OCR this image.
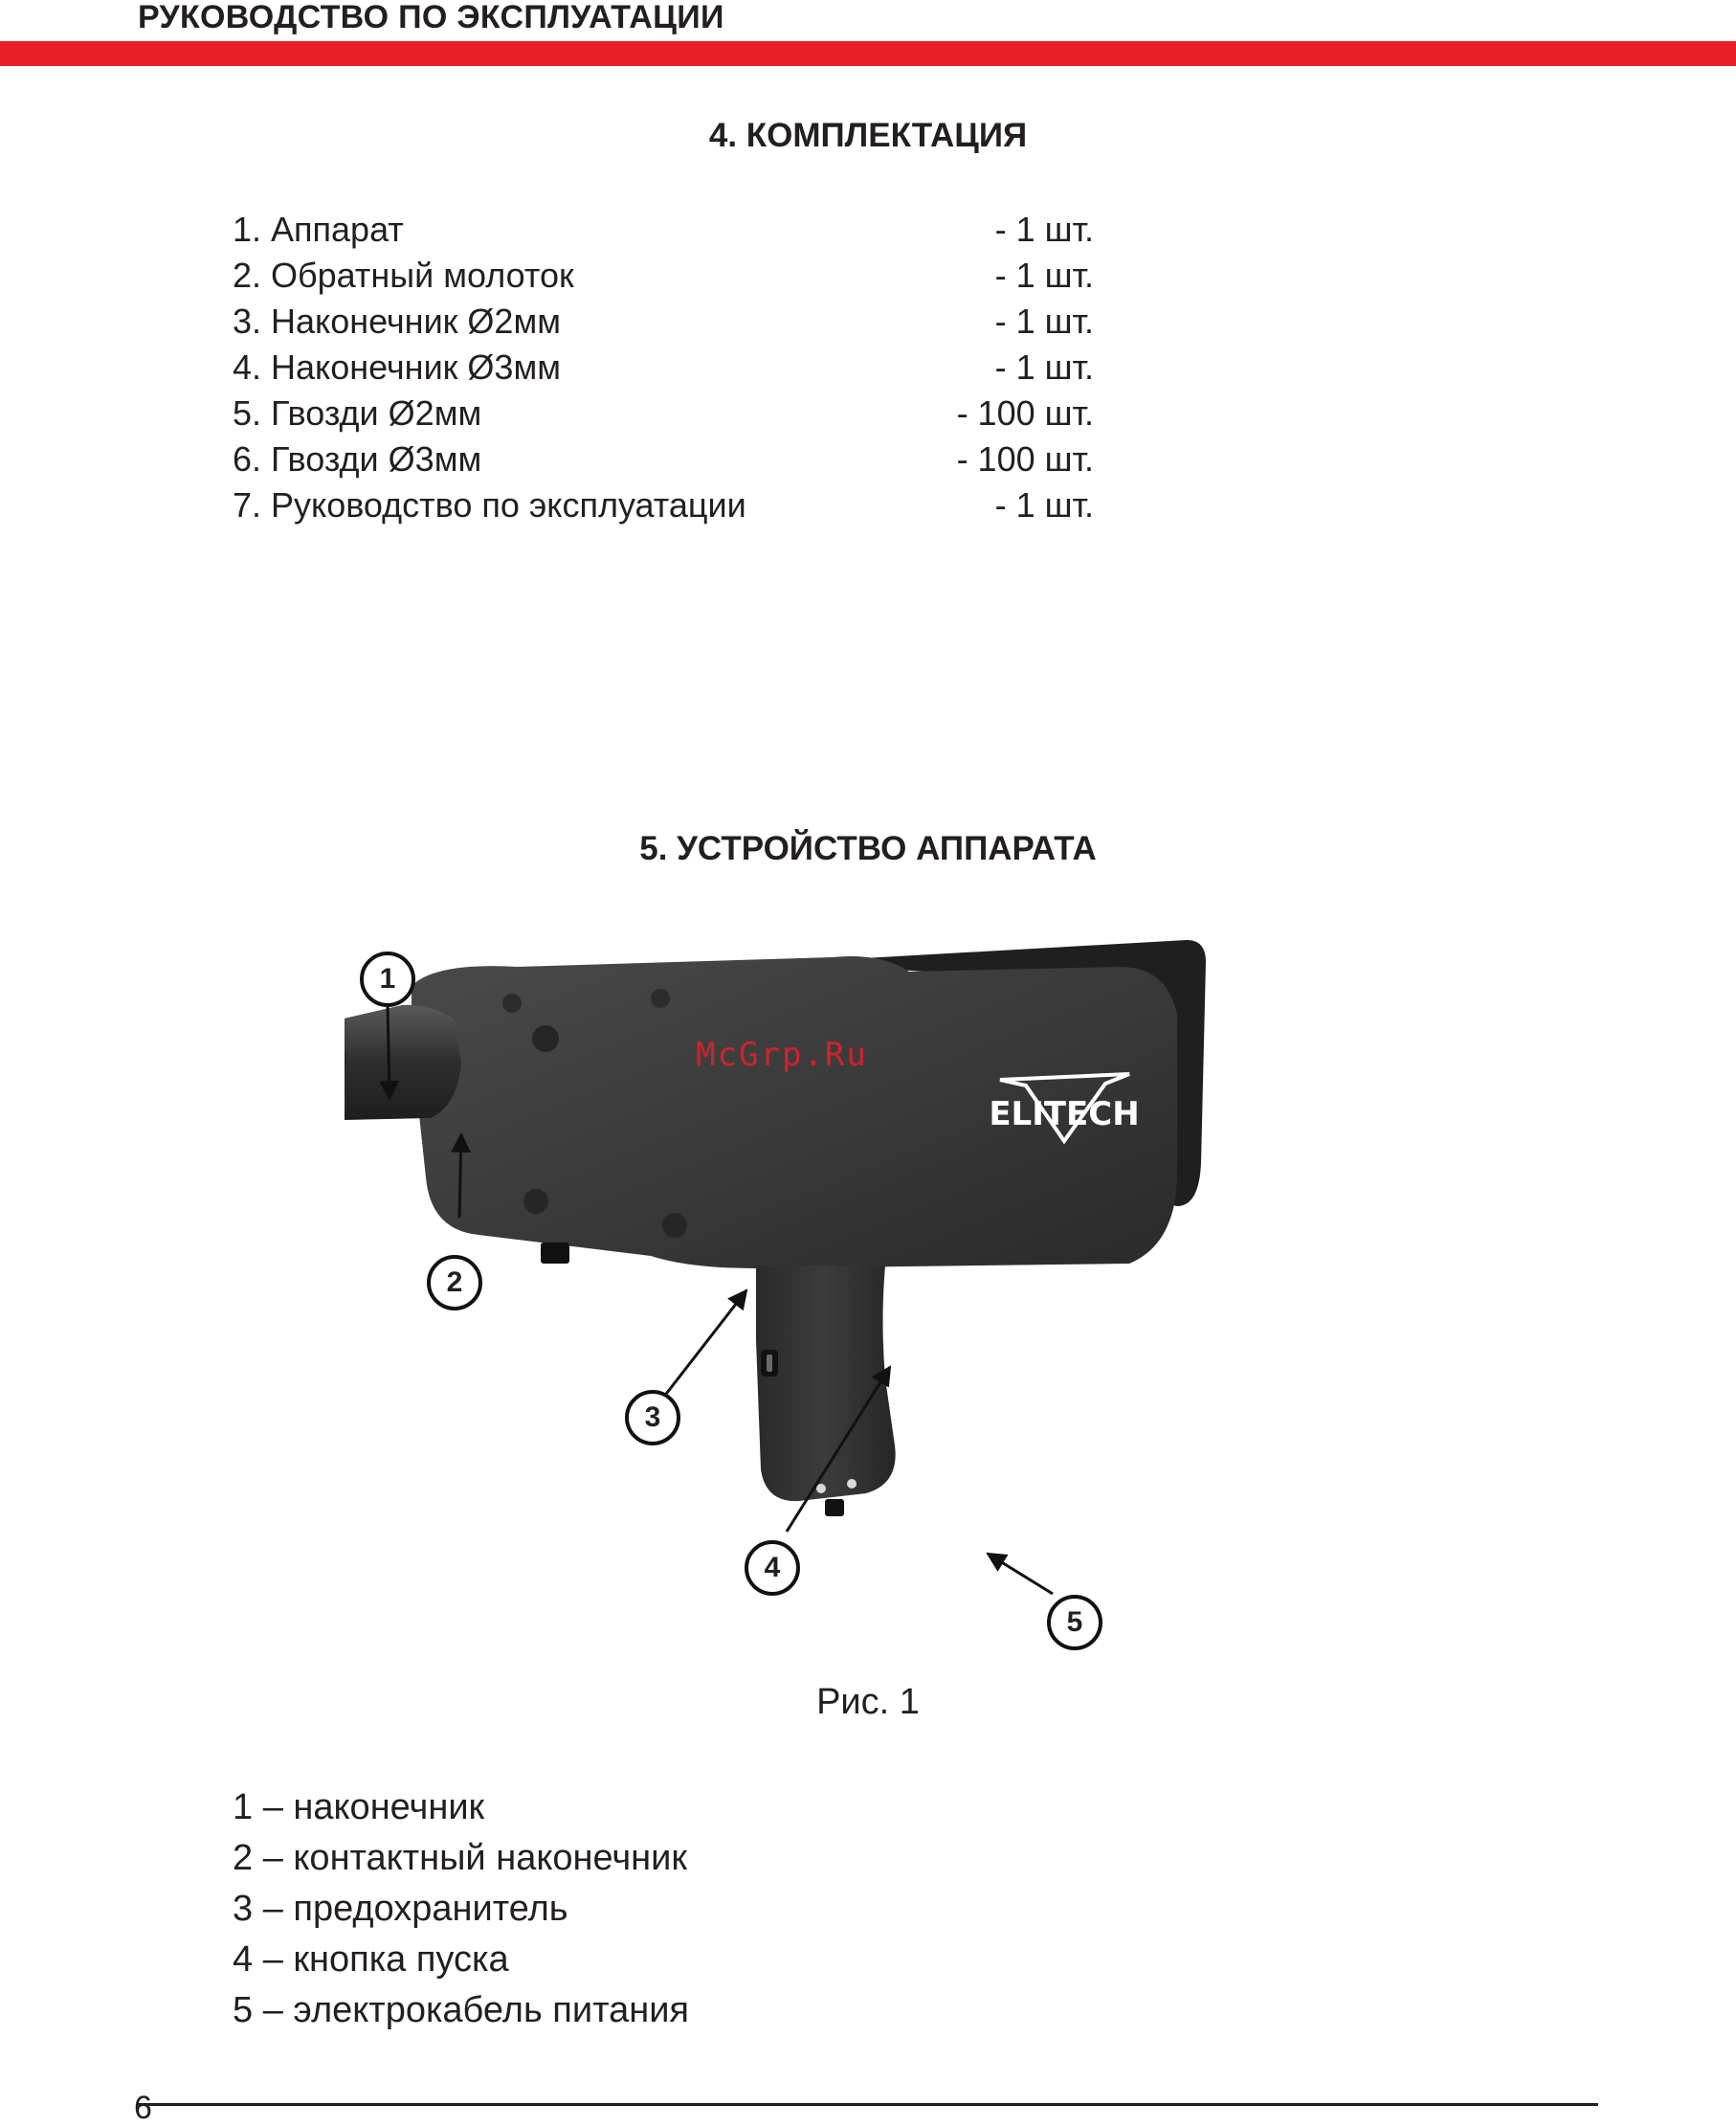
РУКОВОДСТВО ПО ЭКСПЛУАТАЦИИ
4. КОМПЛЕКТАЦИЯ
1. Аппарат	- 1 шт.
2. Обратный молоток	- 1 шт.
3. Наконечник Ø2мм	- 1 шт.
4. Наконечник Ø3мм	- 1 шт.
5. Гвозди Ø2мм	- 100 шт.
6. Гвозди Ø3мм	- 100 шт.
7. Руководство по эксплуатации	- 1 шт.
5. УСТРОЙСТВО АППАРАТА
ELITECH
McGrp.Ru
1
2
3
4
5
Рис. 1
1 – наконечник
2 – контактный наконечник
3 – предохранитель
4 – кнопка пуска
5 – электрокабель питания
6
